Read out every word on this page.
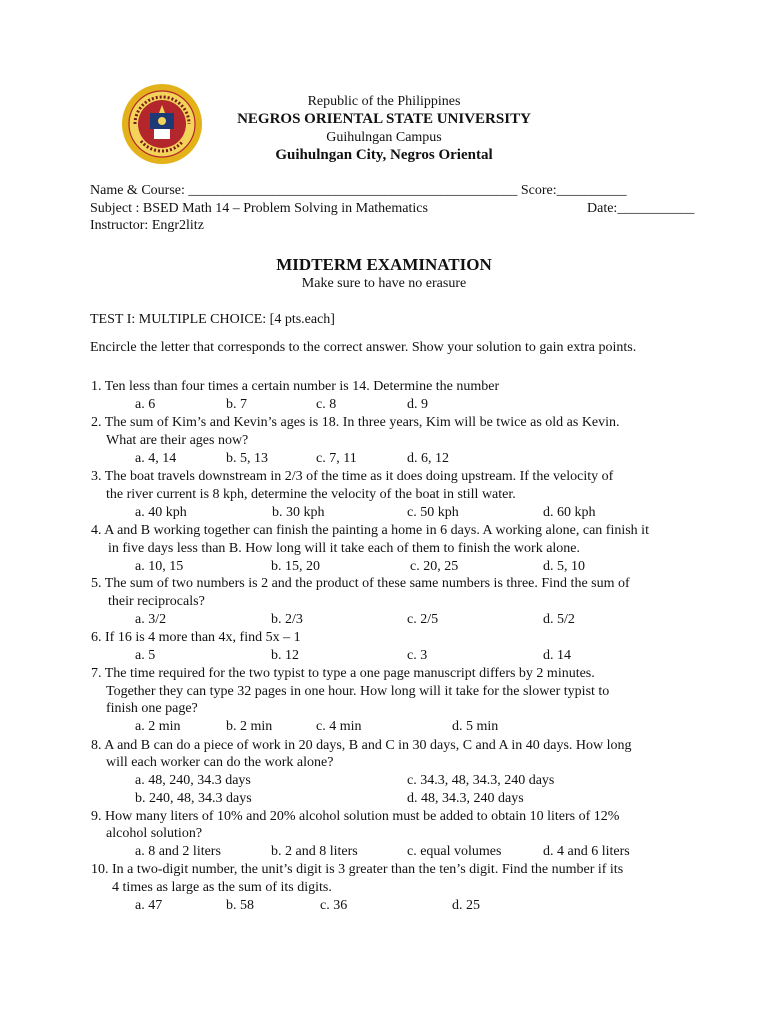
Republic of the Philippines
NEGROS ORIENTAL STATE UNIVERSITY
Guihulngan Campus
Guihulngan City, Negros Oriental
Name & Course: _______________________________________________ Score:__________
Subject : BSED Math 14 – Problem Solving in Mathematics	Date:___________
Instructor: Engr2litz
MIDTERM EXAMINATION
Make sure to have no erasure
TEST I: MULTIPLE CHOICE: [4 pts.each]
Encircle the letter that corresponds to the correct answer. Show your solution to gain extra points.
1. Ten less than four times a certain number is 14. Determine the number
a. 6	b. 7	c. 8	d. 9
2. The sum of Kim’s and Kevin’s ages is 18. In three years, Kim will be twice as old as Kevin.
What are their ages now?
a. 4, 14	b. 5, 13	c. 7, 11	d. 6, 12
3. The boat travels downstream in 2/3 of the time as it does doing upstream. If the velocity of
the river current is 8 kph, determine the velocity of the boat in still water.
a. 40 kph	b. 30 kph	c. 50 kph	d. 60 kph
4. A and B working together can finish the painting a home in 6 days. A working alone, can finish it
in five days less than B. How long will it take each of them to finish the work alone.
a. 10, 15	b. 15, 20	c. 20, 25	d. 5, 10
5. The sum of two numbers is 2 and the product of these same numbers is three. Find the sum of
their reciprocals?
a. 3/2	b. 2/3	c. 2/5	d. 5/2
6. If 16 is 4 more than 4x, find 5x – 1
a. 5	b. 12	c. 3	d. 14
7. The time required for the two typist to type a one page manuscript differs by 2 minutes.
Together they can type 32 pages in one hour. How long will it take for the slower typist to
finish one page?
a. 2 min	b. 2 min	c. 4 min	d. 5 min
8. A and B can do a piece of work in 20 days, B and C in 30 days, C and A in 40 days. How long
will each worker can do the work alone?
a. 48, 240, 34.3 days	c. 34.3, 48, 34.3, 240 days
b. 240, 48, 34.3 days	d. 48, 34.3, 240 days
9. How many liters of 10% and 20% alcohol solution must be added to obtain 10 liters of 12%
alcohol solution?
a. 8 and 2 liters	b. 2 and 8 liters	c. equal volumes	d. 4 and 6 liters
10. In a two-digit number, the unit’s digit is 3 greater than the ten’s digit. Find the number if its
4 times as large as the sum of its digits.
a. 47	b. 58	c. 36	d. 25
